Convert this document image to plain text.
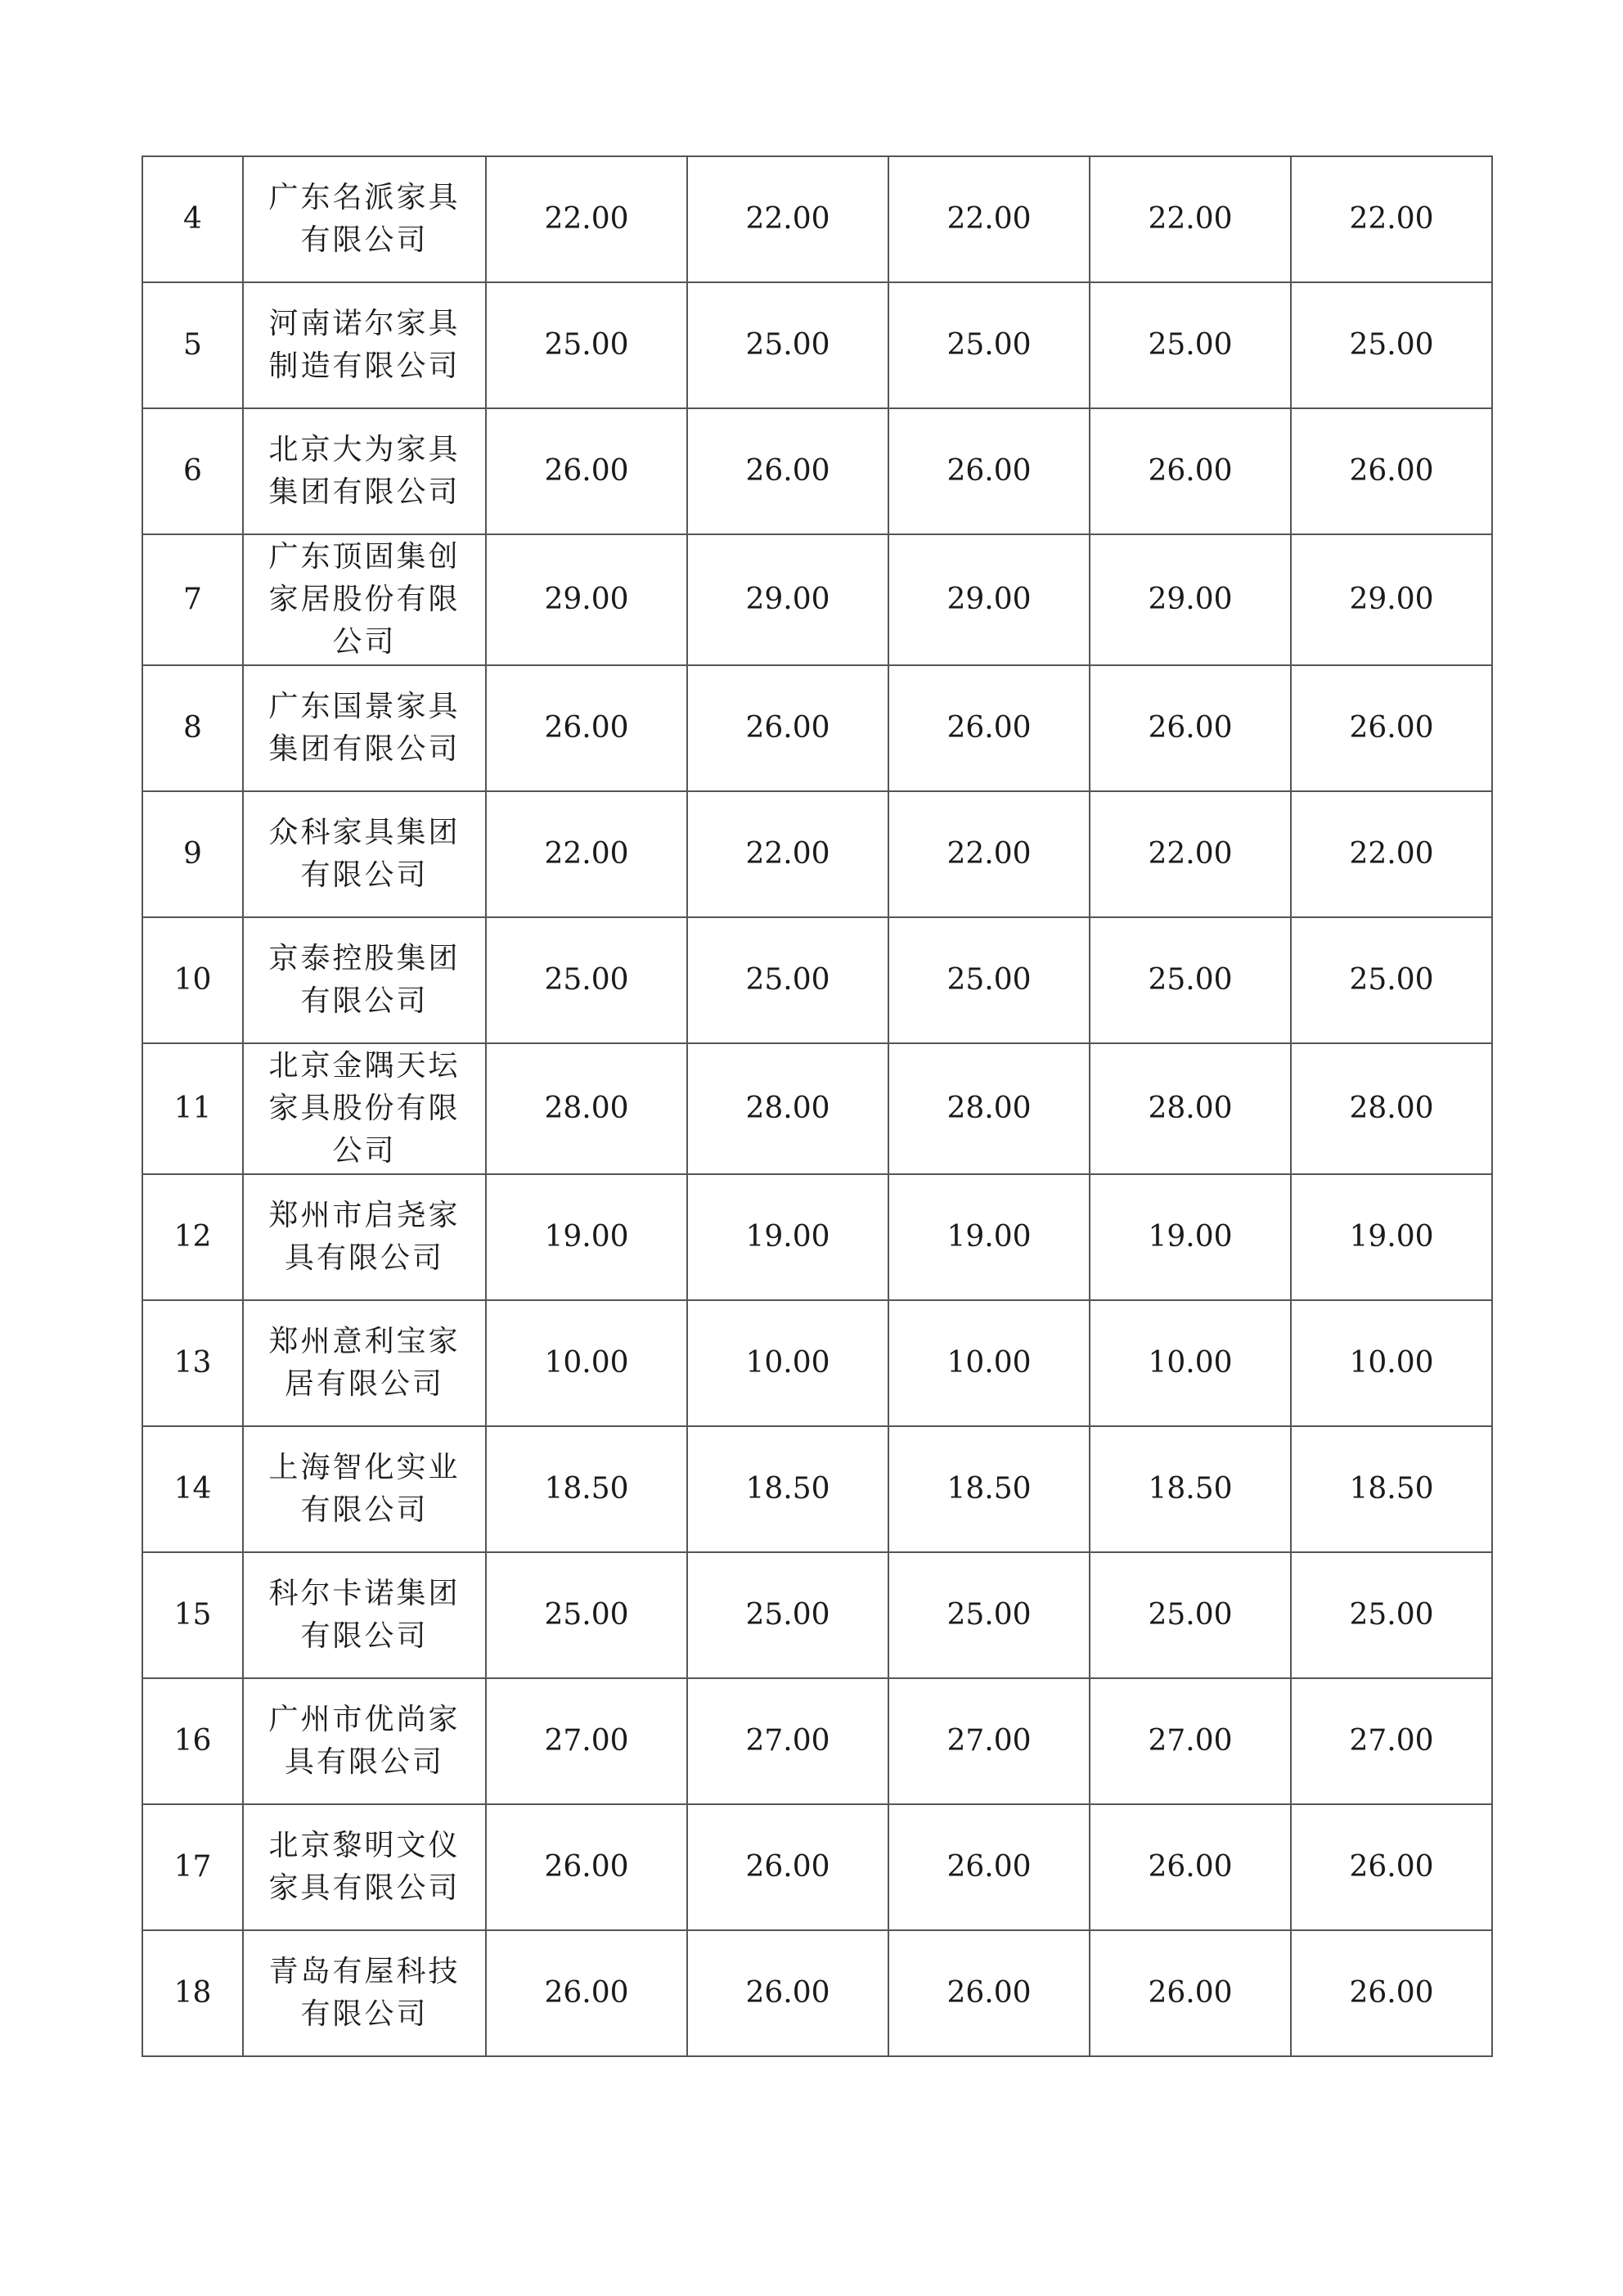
4	广东名派家具有限公司	22.00	22.00	22.00	22.00	22.00
5	河南诺尔家具制造有限公司	25.00	25.00	25.00	25.00	25.00
6	北京大为家具集团有限公司	26.00	26.00	26.00	26.00	26.00
7	广东顶固集创家居股份有限公司	29.00	29.00	29.00	29.00	29.00
8	广东国景家具集团有限公司	26.00	26.00	26.00	26.00	26.00
9	众科家具集团有限公司	22.00	22.00	22.00	22.00	22.00
10	京泰控股集团有限公司	25.00	25.00	25.00	25.00	25.00
11	北京金隅天坛家具股份有限公司	28.00	28.00	28.00	28.00	28.00
12	郑州市启尧家具有限公司	19.00	19.00	19.00	19.00	19.00
13	郑州意利宝家居有限公司	10.00	10.00	10.00	10.00	10.00
14	上海智化实业有限公司	18.50	18.50	18.50	18.50	18.50
15	科尔卡诺集团有限公司	25.00	25.00	25.00	25.00	25.00
16	广州市优尚家具有限公司	27.00	27.00	27.00	27.00	27.00
17	北京黎明文仪家具有限公司	26.00	26.00	26.00	26.00	26.00
18	青岛有屋科技有限公司	26.00	26.00	26.00	26.00	26.00
